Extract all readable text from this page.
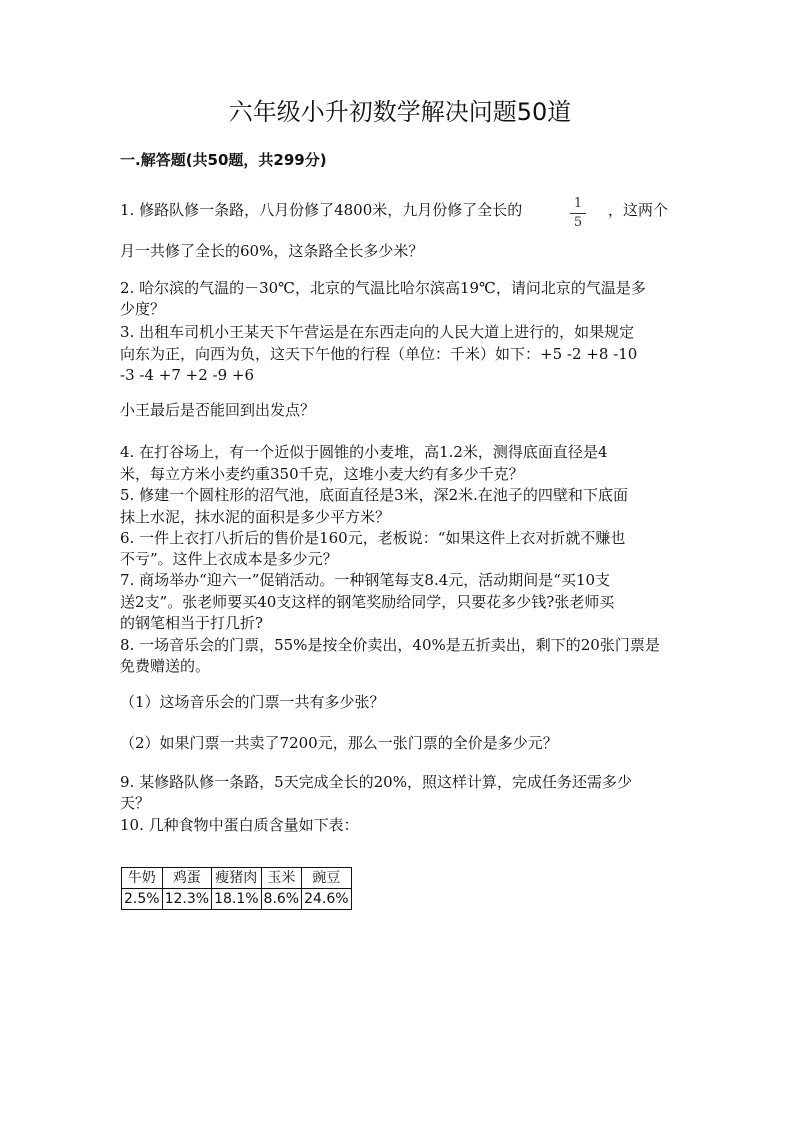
六年级小升初数学解决问题50道
一.解答题(共50题，共299分)
1. 修路队修一条路，八月份修了4800米，九月份修了全长的	1
5
，这两个
月一共修了全长的60%，这条路全长多少米？
2. 哈尔滨的气温的－30℃，北京的气温比哈尔滨高19℃，请问北京的气温是多
少度？
3. 出租车司机小王某天下午营运是在东西走向的人民大道上进行的，如果规定
向东为正，向西为负，这天下午他的行程（单位：千米）如下：+5 -2 +8 -10
-3 -4 +7 +2 -9 +6
小王最后是否能回到出发点？
4. 在打谷场上，有一个近似于圆锥的小麦堆，高1.2米，测得底面直径是4
米，每立方米小麦约重350千克，这堆小麦大约有多少千克？
5. 修建一个圆柱形的沼气池，底面直径是3米，深2米.在池子的四壁和下底面
抹上水泥，抹水泥的面积是多少平方米？
6. 一件上衣打八折后的售价是160元，老板说：“如果这件上衣对折就不赚也
不亏”。这件上衣成本是多少元？
7. 商场举办“迎六一”促销活动。一种钢笔每支8.4元，活动期间是“买10支
送2支”。张老师要买40支这样的钢笔奖励给同学，只要花多少钱?张老师买
的钢笔相当于打几折?
8. 一场音乐会的门票，55%是按全价卖出，40%是五折卖出，剩下的20张门票是
免费赠送的。
（1）这场音乐会的门票一共有多少张？
（2）如果门票一共卖了7200元，那么一张门票的全价是多少元？
9. 某修路队修一条路，5天完成全长的20%，照这样计算，完成任务还需多少
天？
10. 几种食物中蛋白质含量如下表：
牛奶	鸡蛋	瘦猪肉	玉米	豌豆
2.5%	12.3%	18.1%	8.6%	24.6%
